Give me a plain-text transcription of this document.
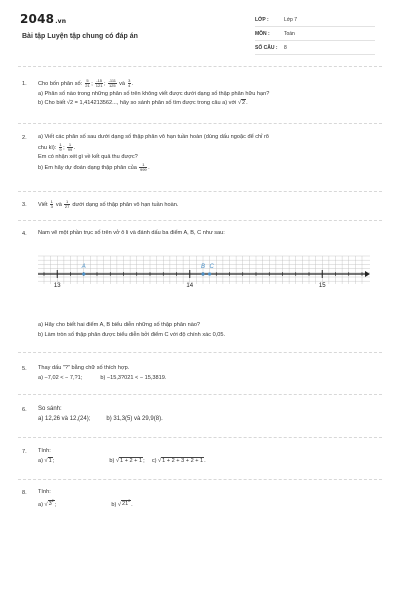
2048.vn
Bài tập Luyện tập chung có đáp án
LỚP :	Lớp 7
MÔN :	Toán
SỐ CÂU : 8
1.	Cho bốn phân số: $\frac{5}{21}$ ; $\frac{-15}{121}$ ; $\frac{-111}{125}$ và $\frac{3}{4}$ .
a) Phân số nào trong những phân số trên không viết được dưới dạng số thập phân hữu hạn?
b) Cho biết √2 = 1,414213562..., hãy so sánh phân số tìm được trong câu a) với √2.
2.	a) Viết các phân số sau dưới dạng số thập phân vô hạn tuần hoàn (dùng dấu ngoặc để chỉ rõ
chu kì): $\frac{1}{9}$ ; $\frac{1}{99}$ .
Em có nhận xét gì về kết quả thu được?
b) Em hãy dự đoán dạng thập phân của $\frac{1}{999}$ .
3.	Viết $\frac{1}{3}$ và $\frac{1}{27}$ dưới dạng số thập phân vô hạn tuần hoàn.
4.	Nam vẽ một phần trục số trên vở ô li và đánh dấu ba điểm A, B, C như sau:
13	14	15
A	B C
a) Hãy cho biết hai điểm A, B biểu diễn những số thập phân nào?
b) Làm tròn số thập phân được biểu diễn bởi điểm C với độ chính xác 0,05.
5.	Thay dấu "?" bằng chữ số thích hợp.
a) −7,02 < − 7,?1;	b) −15,3?021 < − 15,3819.
6.	So sánh:
a) 12,26 và 12,(24);	b) 31,3(5) và 29,9(8).
7.	Tính:
a) √1;	b) √1 + 2 + 1; c) √1 + 2 + 3 + 2 + 1.
8.	Tính:
a) $√3^2$;	b) $√21^2$.
